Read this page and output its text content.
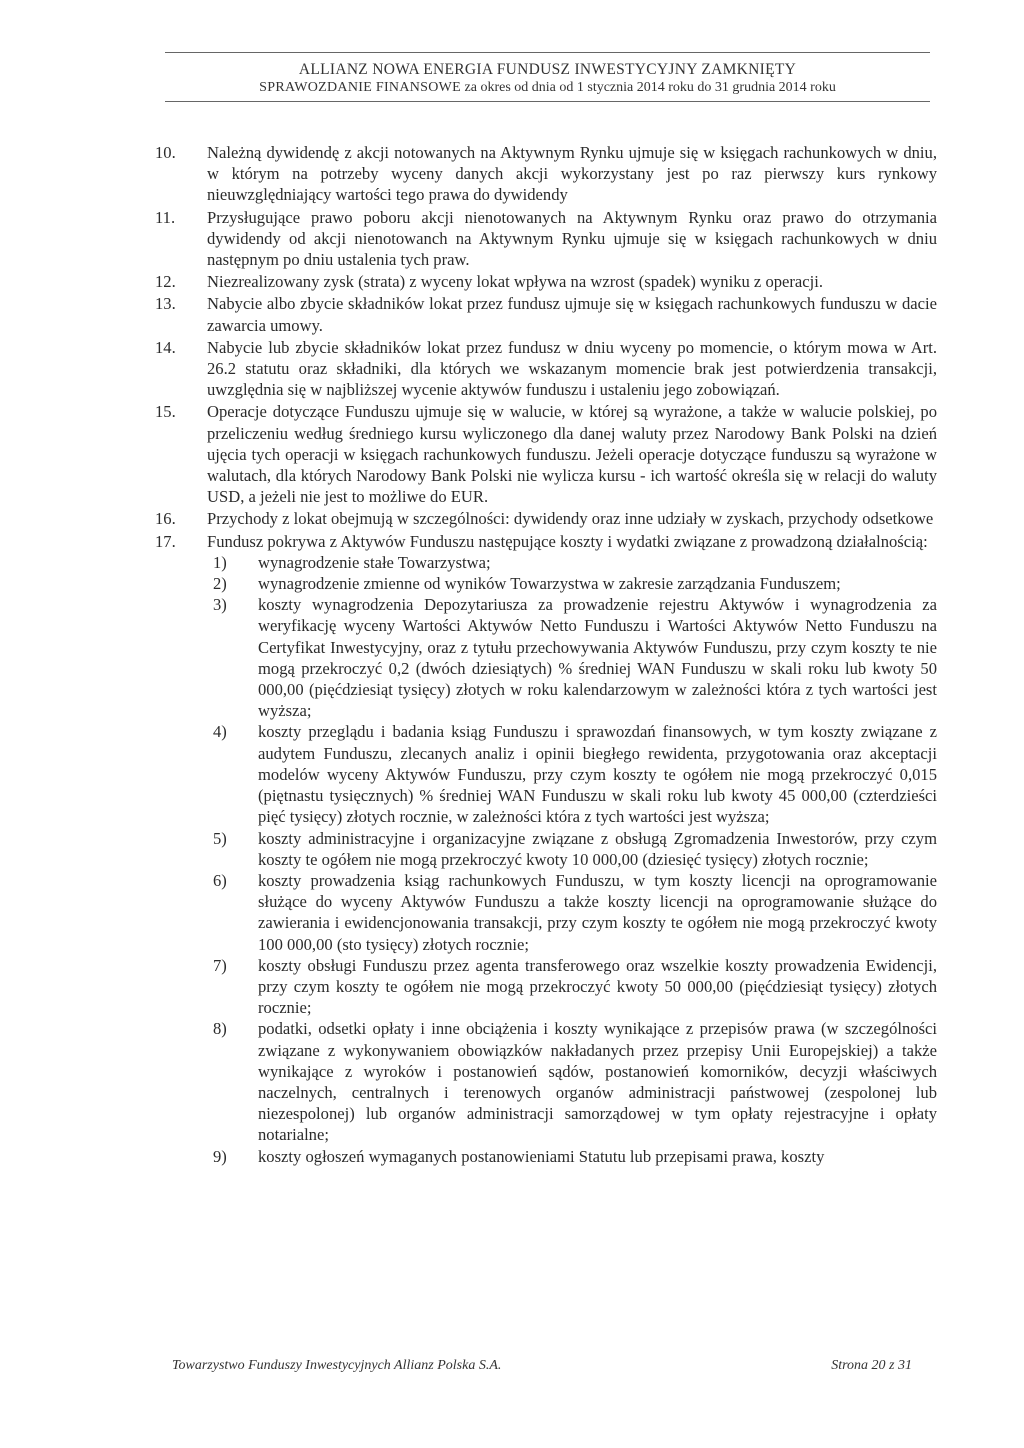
ALLIANZ NOWA ENERGIA FUNDUSZ INWESTYCYJNY ZAMKNIĘTY
SPRAWOZDANIE FINANSOWE za okres od dnia od 1 stycznia 2014 roku do 31 grudnia 2014 roku
10. Należną dywidendę z akcji notowanych na Aktywnym Rynku ujmuje się w księgach rachunkowych w dniu, w którym na potrzeby wyceny danych akcji wykorzystany jest po raz pierwszy kurs rynkowy nieuwzględniający wartości tego prawa do dywidendy
11. Przysługujące prawo poboru akcji nienotowanych na Aktywnym Rynku oraz prawo do otrzymania dywidendy od akcji nienotowanch na Aktywnym Rynku ujmuje się w księgach rachunkowych w dniu następnym po dniu ustalenia tych praw.
12. Niezrealizowany zysk (strata) z wyceny lokat wpływa na wzrost (spadek) wyniku z operacji.
13. Nabycie albo zbycie składników lokat przez fundusz ujmuje się w księgach rachunkowych funduszu w dacie zawarcia umowy.
14. Nabycie lub zbycie składników lokat przez fundusz w dniu wyceny po momencie, o którym mowa w Art. 26.2 statutu oraz składniki, dla których we wskazanym momencie brak jest potwierdzenia transakcji, uwzględnia się w najbliższej wycenie aktywów funduszu i ustaleniu jego zobowiązań.
15. Operacje dotyczące Funduszu ujmuje się w walucie, w której są wyrażone, a także w walucie polskiej, po przeliczeniu według średniego kursu wyliczonego dla danej waluty przez Narodowy Bank Polski na dzień ujęcia tych operacji w księgach rachunkowych funduszu. Jeżeli operacje dotyczące funduszu są wyrażone w walutach, dla których Narodowy Bank Polski nie wylicza kursu - ich wartość określa się w relacji do waluty USD, a jeżeli nie jest to możliwe do EUR.
16. Przychody z lokat obejmują w szczególności: dywidendy oraz inne udziały w zyskach, przychody odsetkowe
17. Fundusz pokrywa z Aktywów Funduszu następujące koszty i wydatki związane z prowadzoną działalnością:
1) wynagrodzenie stałe Towarzystwa;
2) wynagrodzenie zmienne od wyników Towarzystwa w zakresie zarządzania Funduszem;
3) koszty wynagrodzenia Depozytariusza za prowadzenie rejestru Aktywów i wynagrodzenia za weryfikację wyceny Wartości Aktywów Netto Funduszu i Wartości Aktywów Netto Funduszu na Certyfikat Inwestycyjny, oraz z tytułu przechowywania Aktywów Funduszu, przy czym koszty te nie mogą przekroczyć 0,2 (dwóch dziesiątych) % średniej WAN Funduszu w skali roku lub kwoty 50 000,00 (pięćdziesiąt tysięcy) złotych w roku kalendarzowym w zależności która z tych wartości jest wyższa;
4) koszty przeglądu i badania ksiąg Funduszu i sprawozdań finansowych, w tym koszty związane z audytem Funduszu, zlecanych analiz i opinii biegłego rewidenta, przygotowania oraz akceptacji modelów wyceny Aktywów Funduszu, przy czym koszty te ogółem nie mogą przekroczyć 0,015 (piętnastu tysięcznych) % średniej WAN Funduszu w skali roku lub kwoty 45 000,00 (czterdzieści pięć tysięcy) złotych rocznie, w zależności która z tych wartości jest wyższa;
5) koszty administracyjne i organizacyjne związane z obsługą Zgromadzenia Inwestorów, przy czym koszty te ogółem nie mogą przekroczyć kwoty 10 000,00 (dziesięć tysięcy) złotych rocznie;
6) koszty prowadzenia ksiąg rachunkowych Funduszu, w tym koszty licencji na oprogramowanie służące do wyceny Aktywów Funduszu a także koszty licencji na oprogramowanie służące do zawierania i ewidencjonowania transakcji, przy czym koszty te ogółem nie mogą przekroczyć kwoty 100 000,00 (sto tysięcy) złotych rocznie;
7) koszty obsługi Funduszu przez agenta transferowego oraz wszelkie koszty prowadzenia Ewidencji, przy czym koszty te ogółem nie mogą przekroczyć kwoty 50 000,00 (pięćdziesiąt tysięcy) złotych rocznie;
8) podatki, odsetki opłaty i inne obciążenia i koszty wynikające z przepisów prawa (w szczególności związane z wykonywaniem obowiązków nakładanych przez przepisy Unii Europejskiej) a także wynikające z wyroków i postanowień sądów, postanowień komorników, decyzji właściwych naczelnych, centralnych i terenowych organów administracji państwowej (zespolonej lub niezespolonej) lub organów administracji samorządowej w tym opłaty rejestracyjne i opłaty notarialne;
9) koszty ogłoszeń wymaganych postanowieniami Statutu lub przepisami prawa, koszty
Towarzystwo Funduszy Inwestycyjnych Allianz Polska S.A.	Strona 20 z 31
